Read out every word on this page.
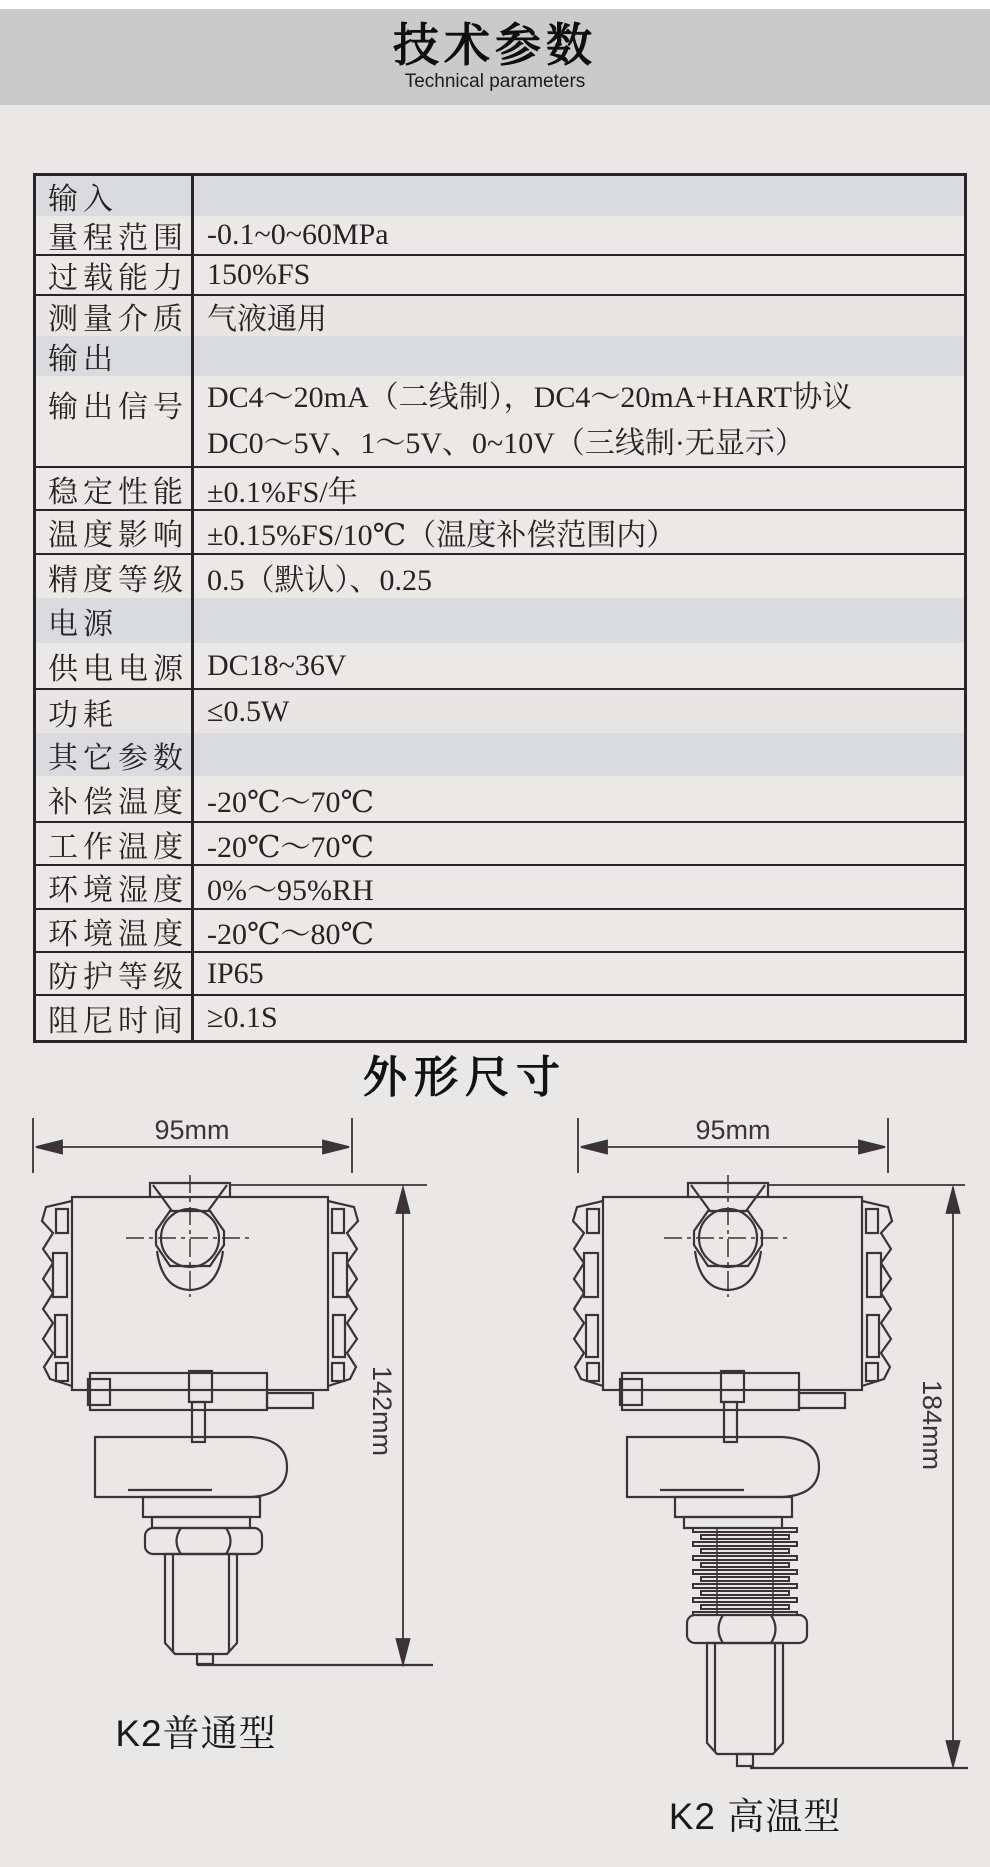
技术参数
Technical parameters
输入
量程范围 -0.1~0~60MPa
过载能力 150%FS
测量介质 气液通用
输出
输出信号 DC4～20mA（二线制），DC4～20mA+HART协议
DC0～5V、1～5V、0~10V（三线制·无显示）
稳定性能 ±0.1%FS/年
温度影响 ±0.15%FS/10℃（温度补偿范围内）
精度等级 0.5（默认）、0.25
电源
供电电源 DC18~36V
功耗	≤0.5W
其它参数
补偿温度 -20℃～70℃
工作温度 -20℃～70℃
环境湿度 0%～95%RH
环境温度 -20℃～80℃
防护等级 IP65
阻尼时间 ≥0.1S
外形尺寸
95mm
142mm
K2普通型
95mm
184mm
K2 高温型
